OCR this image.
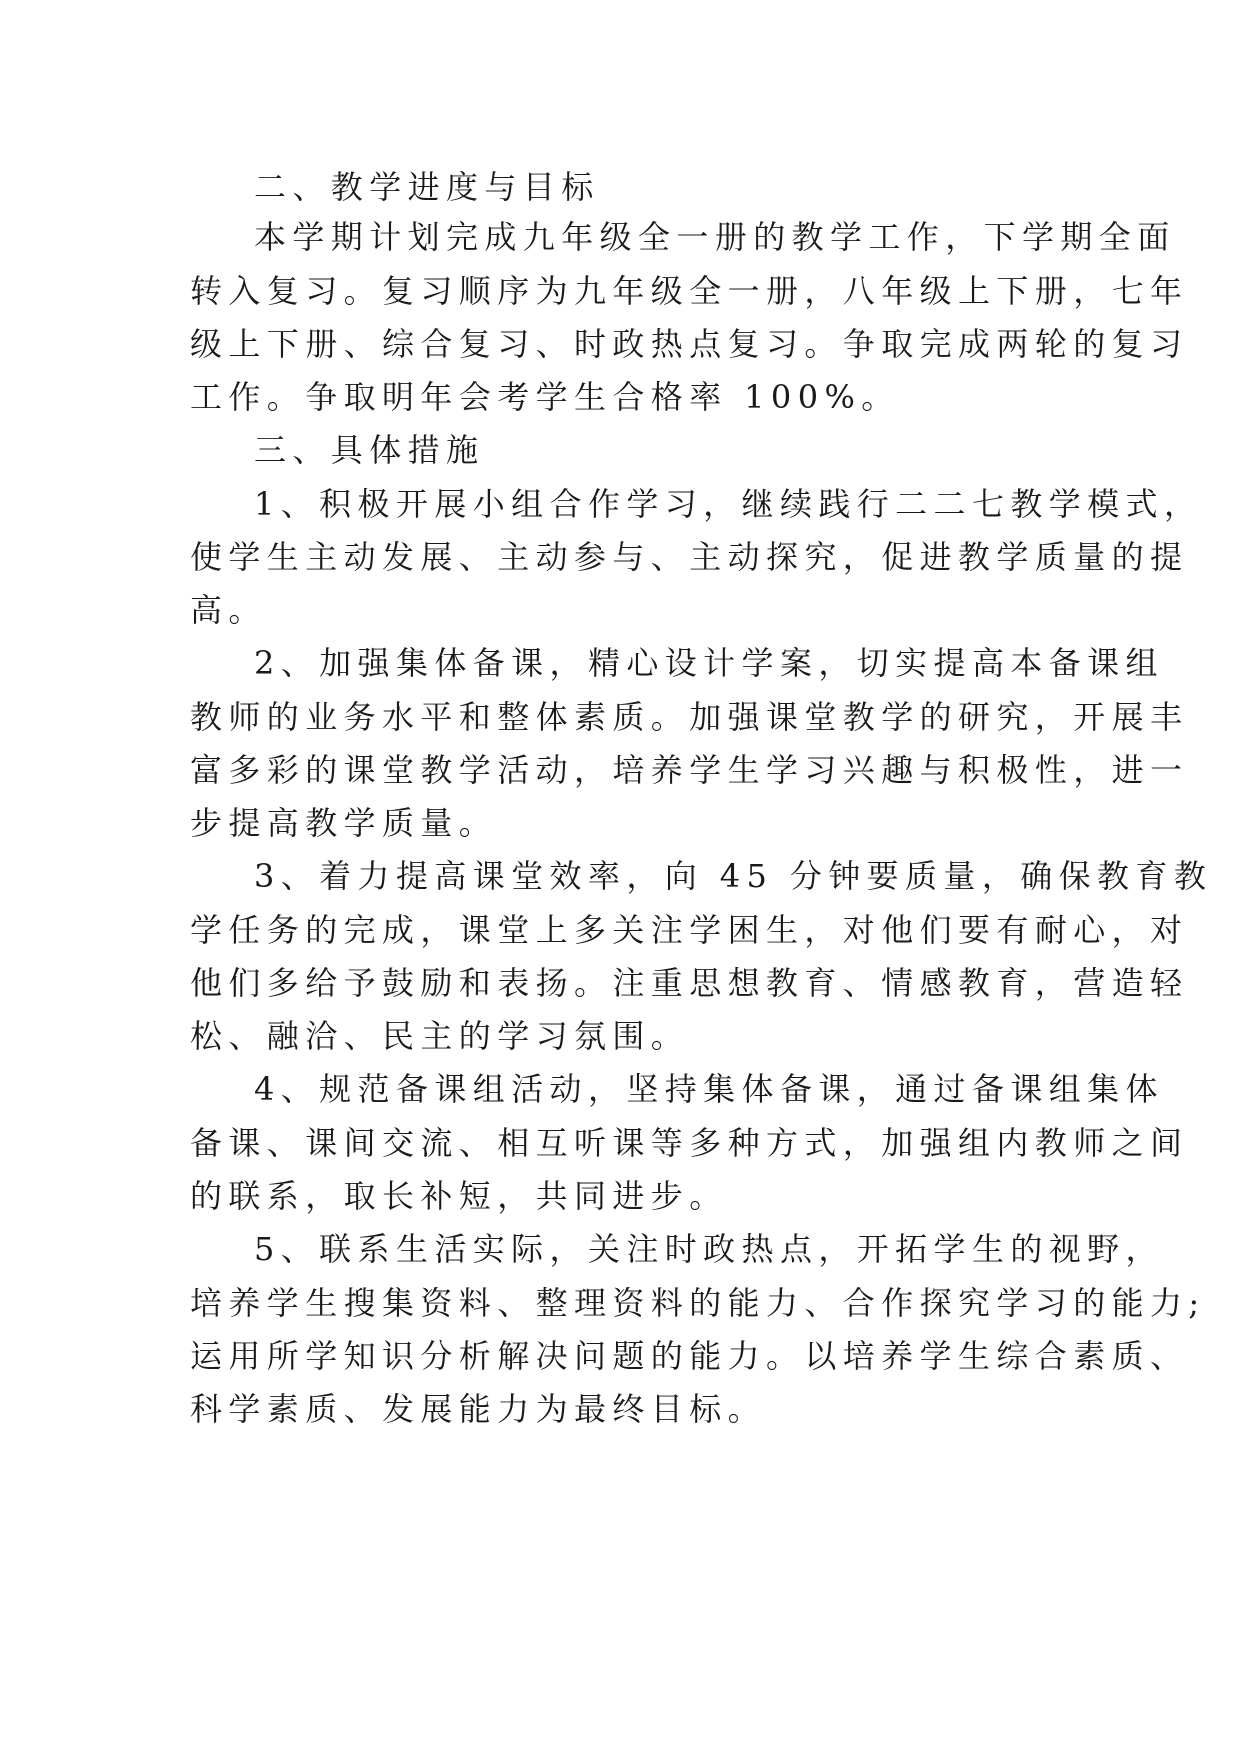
二、教学进度与目标
本学期计划完成九年级全一册的教学工作，下学期全面
转入复习。复习顺序为九年级全一册，八年级上下册，七年
级上下册、综合复习、时政热点复习。争取完成两轮的复习
工作。争取明年会考学生合格率 100%。
三、具体措施
1、积极开展小组合作学习，继续践行二二七教学模式，
使学生主动发展、主动参与、主动探究，促进教学质量的提
高。
2、加强集体备课，精心设计学案，切实提高本备课组
教师的业务水平和整体素质。加强课堂教学的研究，开展丰
富多彩的课堂教学活动，培养学生学习兴趣与积极性，进一
步提高教学质量。
3、着力提高课堂效率，向 45 分钟要质量，确保教育教
学任务的完成，课堂上多关注学困生，对他们要有耐心，对
他们多给予鼓励和表扬。注重思想教育、情感教育，营造轻
松、融洽、民主的学习氛围。
4、规范备课组活动，坚持集体备课，通过备课组集体
备课、课间交流、相互听课等多种方式，加强组内教师之间
的联系，取长补短，共同进步。
5、联系生活实际，关注时政热点，开拓学生的视野，
培养学生搜集资料、整理资料的能力、合作探究学习的能力;
运用所学知识分析解决问题的能力。以培养学生综合素质、
科学素质、发展能力为最终目标。
